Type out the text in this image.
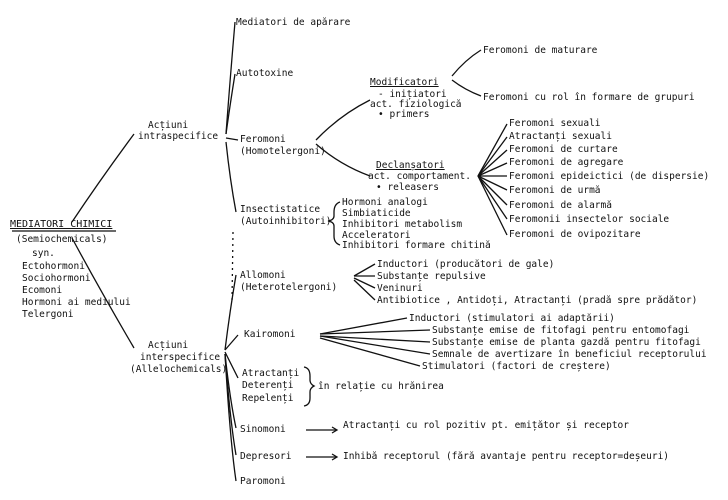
MEDIATORI CHIMICI
(Semiochemicals)
syn.
Ectohormoni
Sociohormoni
Ecomoni
Hormoni ai mediului
Telergoni
Acțiuni
intraspecifice
Mediatori de apărare
Autotoxine
Feromoni
(Homotelergoni)
Modificatori
- inițiatori
act. fiziologică
• primers
Feromoni de maturare
Feromoni cu rol în formare de grupuri
Declanșatori
act. comportament.
• releasers
Feromoni sexuali
Atractanți sexuali
Feromoni de curtare
Feromoni de agregare
Feromoni epideictici (de dispersie)
Feromoni de urmă
Feromoni de alarmă
Feromonii insectelor sociale
Feromoni de ovipozitare
Insectistatice
(Autoinhibitori)
Hormoni analogi
Simbiaticide
Inhibitori metabolism
Acceleratori
Inhibitori formare chitină
Acțiuni
interspecifice
(Allelochemicals)
Allomoni
(Heterotelergoni)
Inductori (producători de gale)
Substanțe repulsive
Veninuri
Antibiotice , Antidoți, Atractanți (pradă spre prădător)
Kairomoni
Inductori (stimulatori ai adaptării)
Substanțe emise de fitofagi pentru entomofagi
Substanțe emise de planta gazdă pentru fitofagi
Semnale de avertizare în beneficiul receptorului
Stimulatori (factori de creștere)
Atractanți
Deterenți
Repelenți
în relație cu hrănirea
Sinomoni	Atractanți cu rol pozitiv pt. emițător și receptor
Depresori	Inhibă receptorul (fără avantaje pentru receptor=deșeuri)
Paromoni
